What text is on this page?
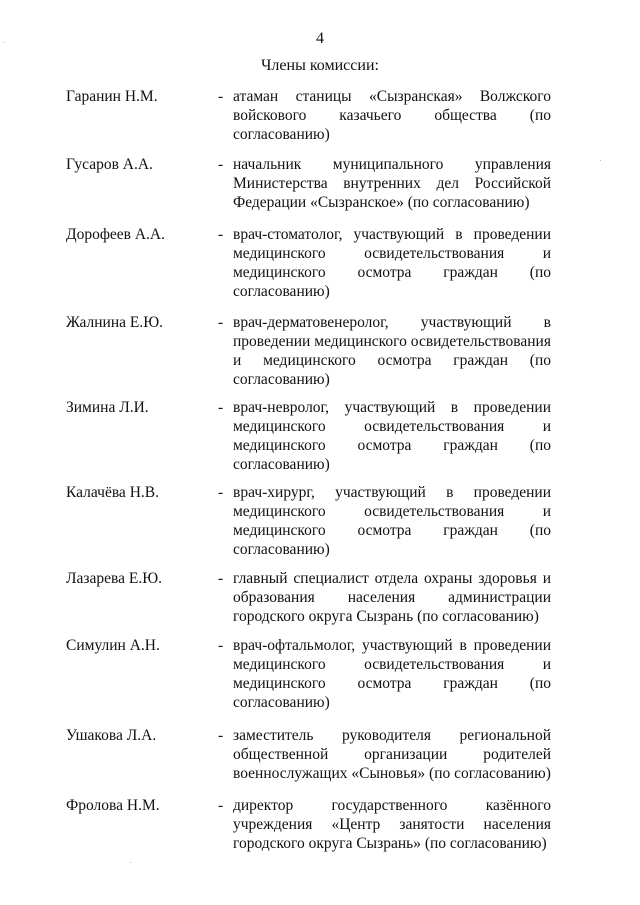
4
Члены комиссии:
Гаранин Н.М.	- атаман станицы «Сызранская» Волжского войскового казачьего общества (по согласованию)
Гусаров А.А.	- начальник муниципального управления Министерства внутренних дел Российской Федерации «Сызранское» (по согласованию)
Дорофеев А.А.	- врач-стоматолог, участвующий в проведении медицинского освидетельствования и медицинского осмотра граждан (по согласованию)
Жалнина Е.Ю.	- врач-дерматовенеролог, участвующий в проведении медицинского освидетельствования и медицинского осмотра граждан (по согласованию)
Зимина Л.И.	- врач-невролог, участвующий в проведении медицинского освидетельствования и медицинского осмотра граждан (по согласованию)
Калачёва Н.В.	- врач-хирург, участвующий в проведении медицинского освидетельствования и медицинского осмотра граждан (по согласованию)
Лазарева Е.Ю.	- главный специалист отдела охраны здоровья и образования населения администрации городского округа Сызрань (по согласованию)
Симулин А.Н.	- врач-офтальмолог, участвующий в проведении медицинского освидетельствования и медицинского осмотра граждан (по согласованию)
Ушакова Л.А.	- заместитель руководителя региональной общественной организации родителей военнослужащих «Сыновья» (по согласованию)
Фролова Н.М.	- директор государственного казённого учреждения «Центр занятости населения городского округа Сызрань» (по согласованию)
